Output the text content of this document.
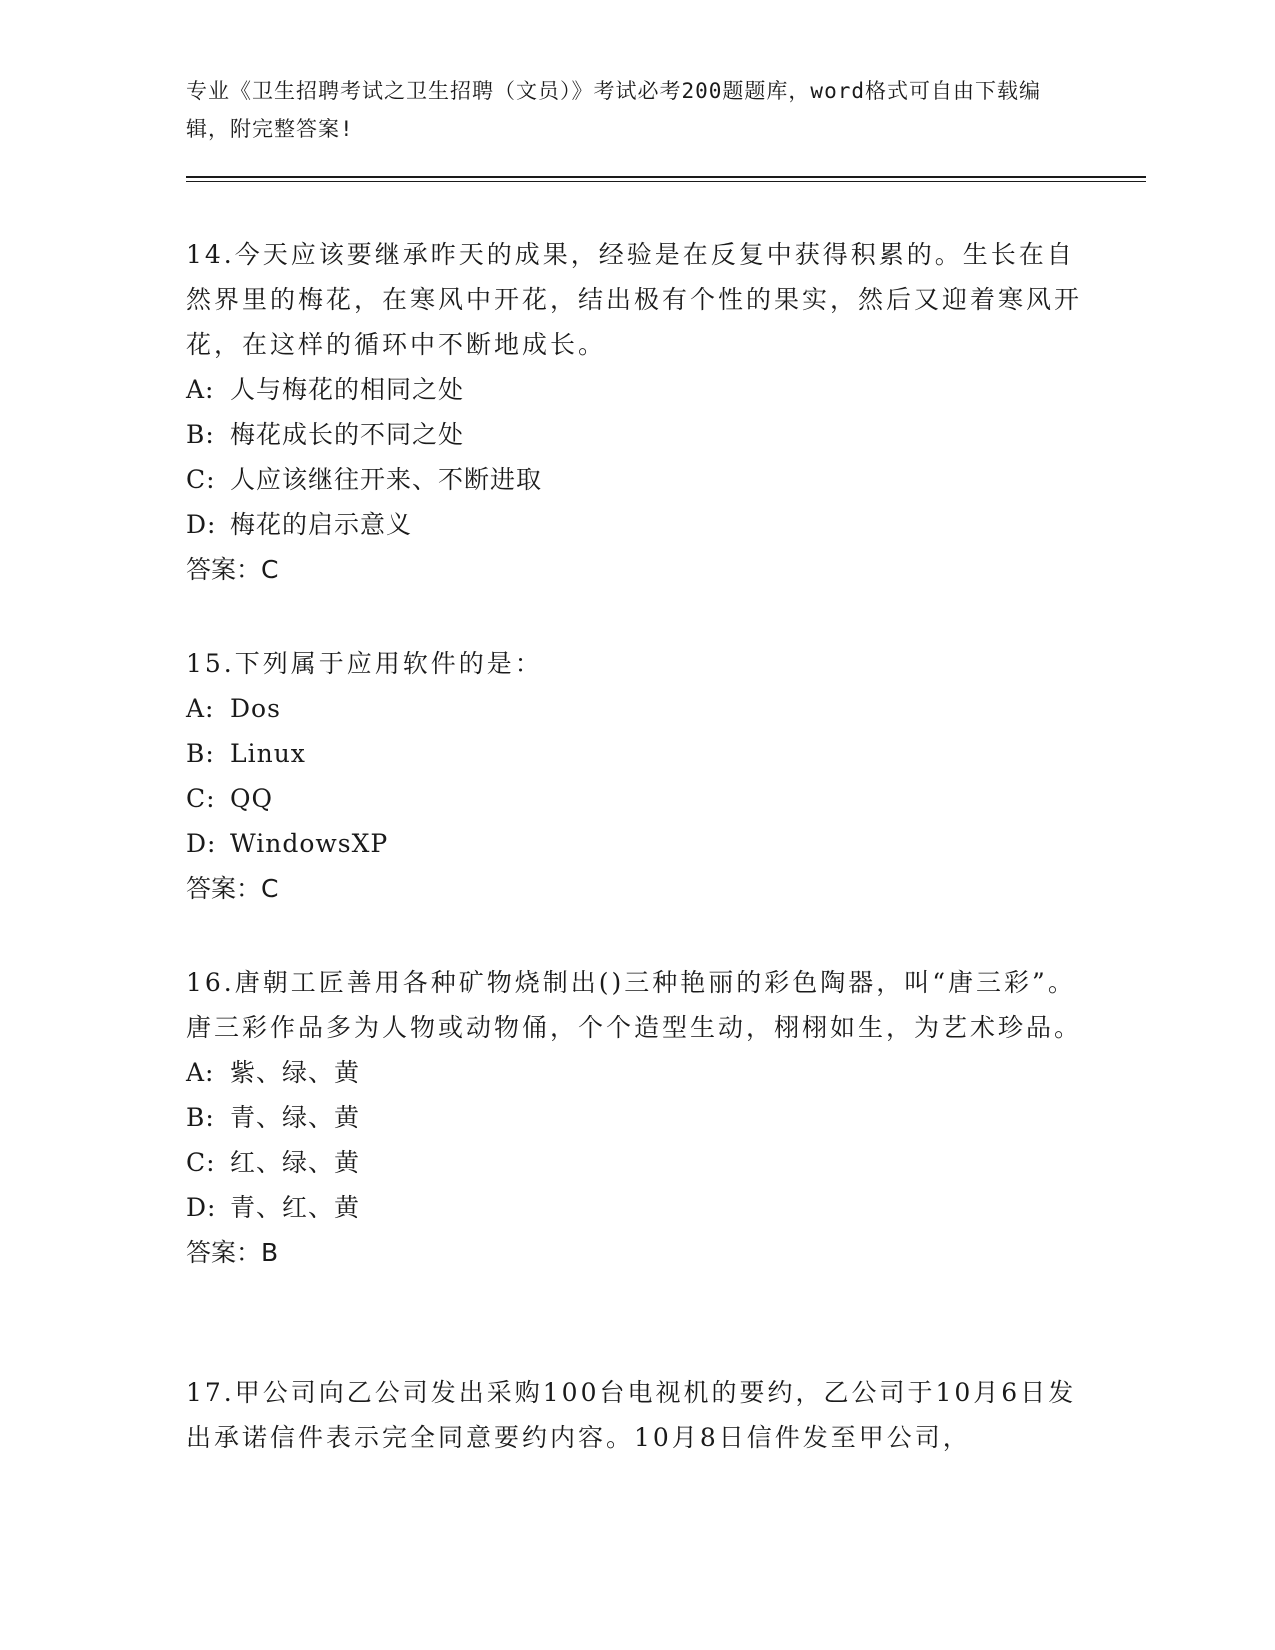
专业《卫生招聘考试之卫生招聘（文员）》考试必考200题题库，word格式可自由下载编辑，附完整答案!

14.今天应该要继承昨天的成果，经验是在反复中获得积累的。生长在自然界里的梅花，在寒风中开花，结出极有个性的果实，然后又迎着寒风开花，在这样的循环中不断地成长。

A: 人与梅花的相同之处

B: 梅花成长的不同之处

C: 人应该继往开来、不断进取

D: 梅花的启示意义

答案：C

15.下列属于应用软件的是：

A: Dos

B: Linux

C: QQ

D: WindowsXP

答案：C

16.唐朝工匠善用各种矿物烧制出()三种艳丽的彩色陶器，叫“唐三彩”。唐三彩作品多为人物或动物俑，个个造型生动，栩栩如生，为艺术珍品。

A: 紫、绿、黄

B: 青、绿、黄

C: 红、绿、黄

D: 青、红、黄

答案：B

17.甲公司向乙公司发出采购100台电视机的要约，乙公司于10月6日发出承诺信件表示完全同意要约内容。10月8日信件发至甲公司，
